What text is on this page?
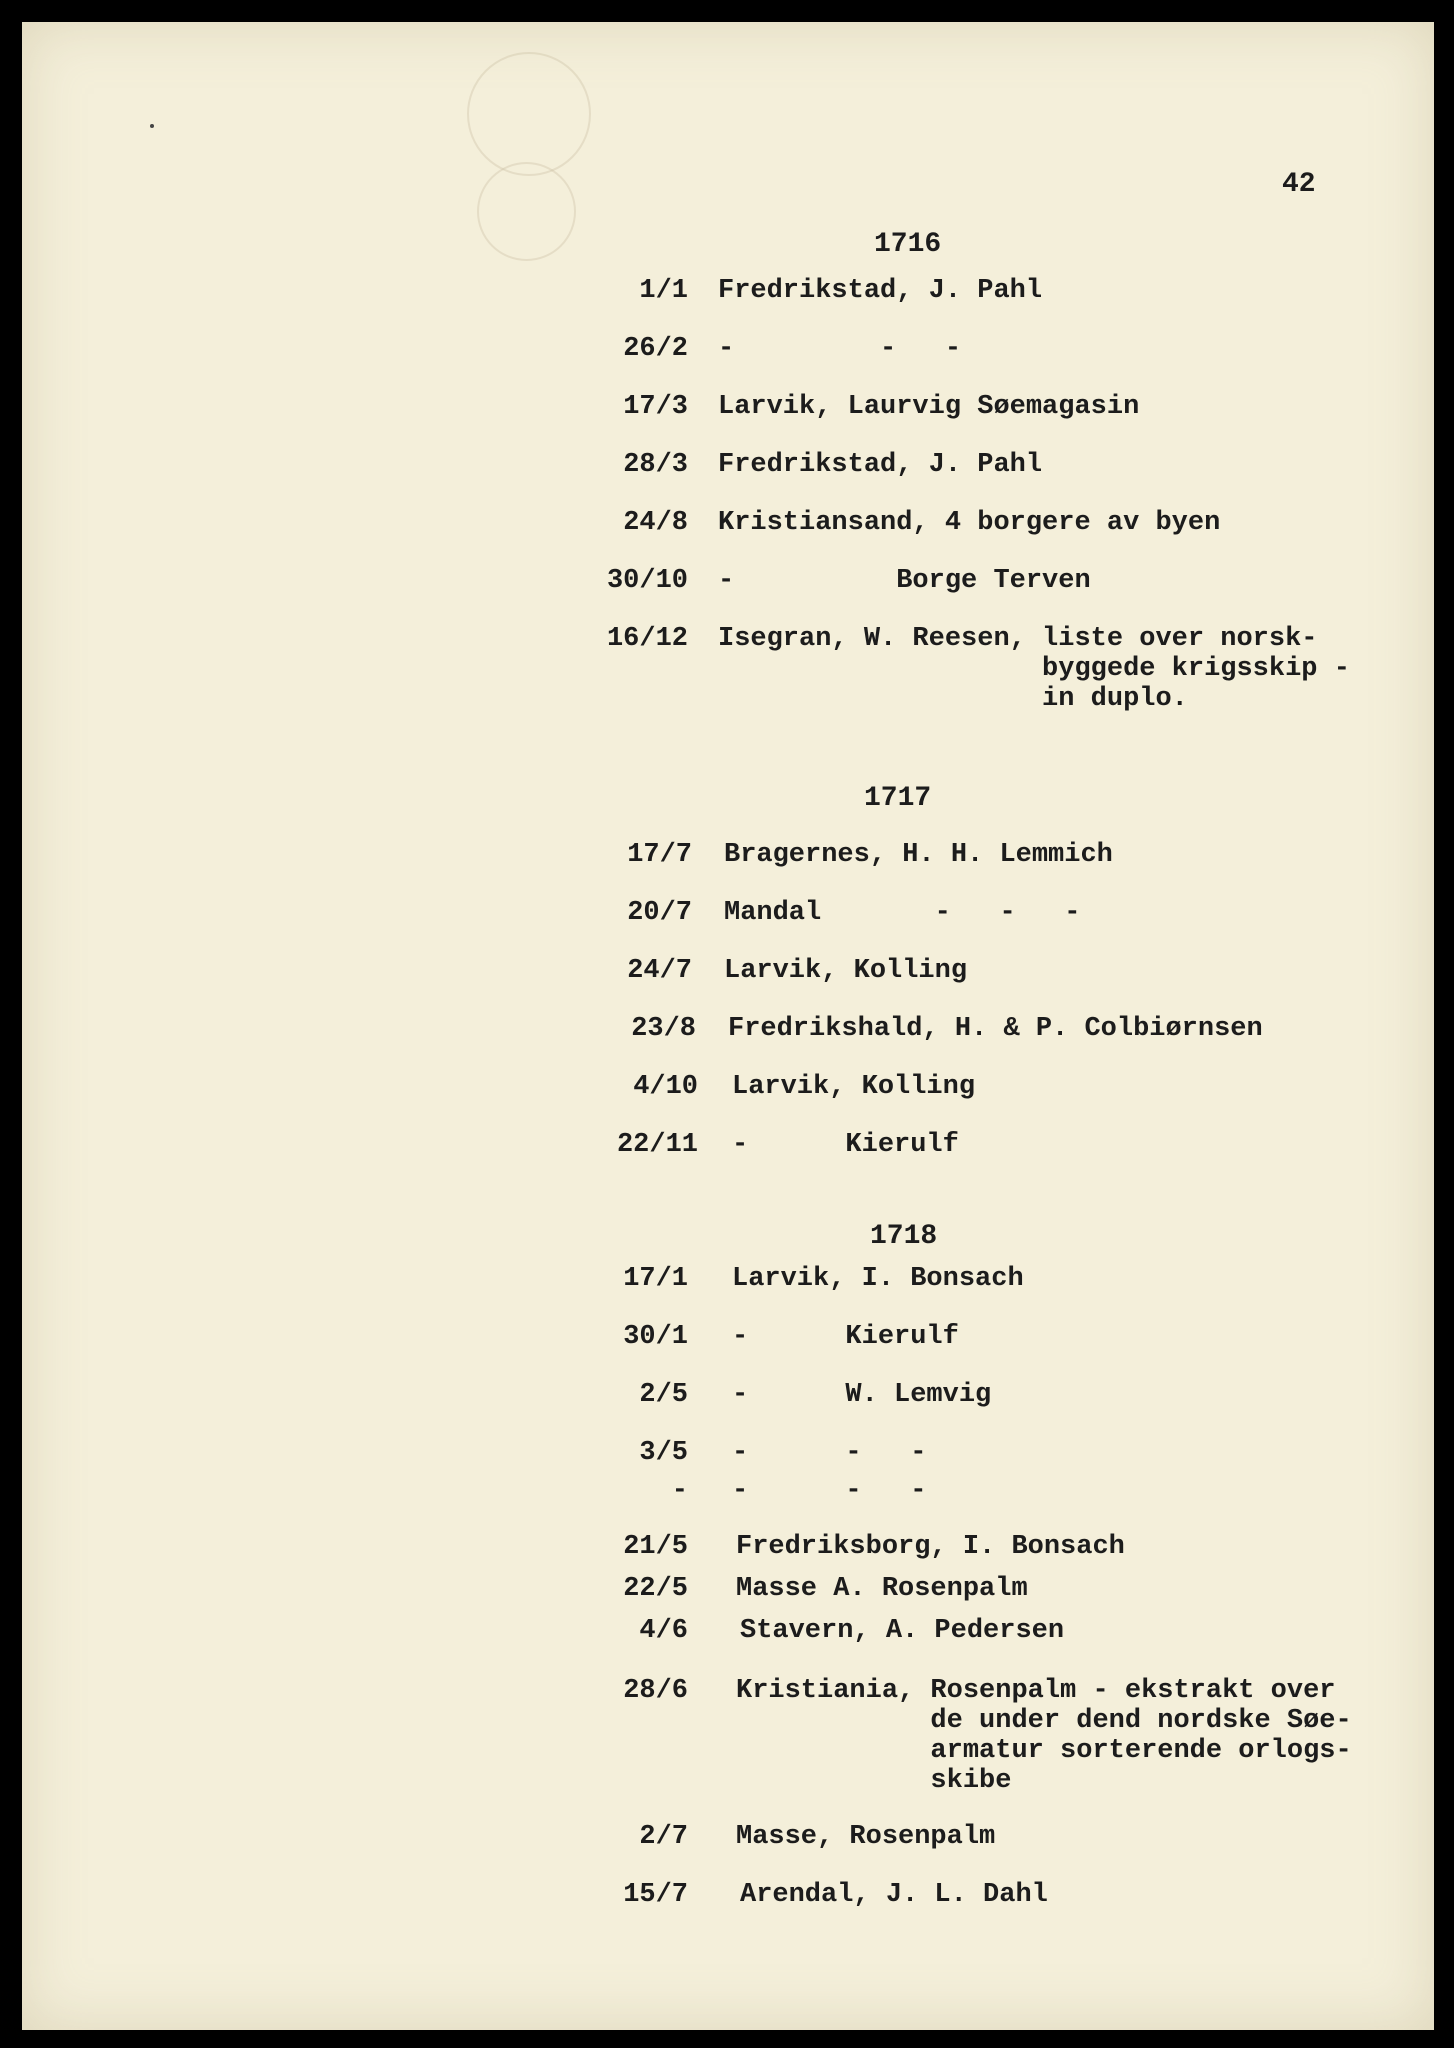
42
1716
1/1 Fredrikstad, J. Pahl
26/2 -         -   -
17/3 Larvik, Laurvig Søemagasin
28/3 Fredrikstad, J. Pahl
24/8 Kristiansand, 4 borgere av byen
30/10 -          Borge Terven
16/12 Isegran, W. Reesen, liste over norsk-
byggede krigsskip -
in duplo.
1717
17/7 Bragernes, H. H. Lemmich
20/7 Mandal       -   -   -
24/7 Larvik, Kolling
23/8 Fredrikshald, H. & P. Colbiørnsen
4/10 Larvik, Kolling
22/11 -      Kierulf
1718
17/1 Larvik, I. Bonsach
30/1 -      Kierulf
2/5 -      W. Lemvig
3/5 -      -   -
- -      -   -
21/5 Fredriksborg, I. Bonsach
22/5 Masse A. Rosenpalm
4/6 Stavern, A. Pedersen
28/6 Kristiania, Rosenpalm - ekstrakt over
de under dend nordske Søe-
armatur sorterende orlogs-
skibe
2/7 Masse, Rosenpalm
15/7 Arendal, J. L. Dahl
